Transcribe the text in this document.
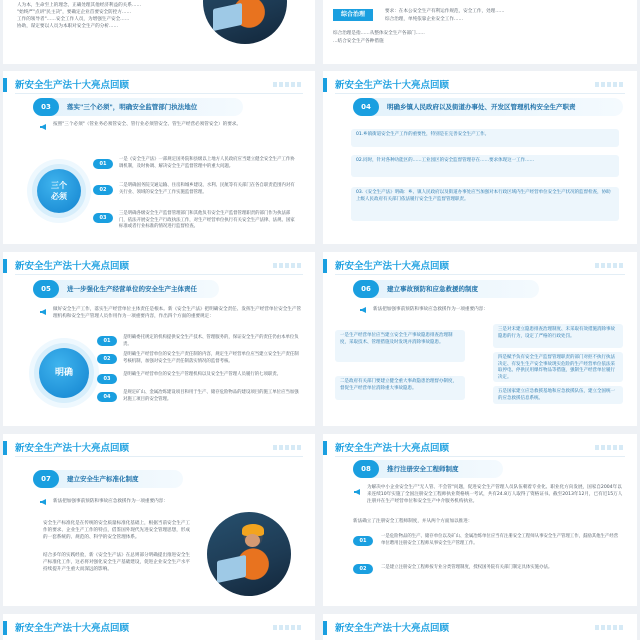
人为本，生命至上的理念，正确处理其他经济利益的关系……
"始终严"点讲"民主决"，要确定企业首要安全防控方……
工作的领导者"……安全工作人员，为增强生产安全……
协助，谋定要以人员为本职对安全生产的分析……
综合治理	要求：在本公安全生产有利运作规范，安全工作，处理……
综合治理，单纯依靠企业安全工作……
综合治理是指……从整体安全生产各部门……
…结合安全生产各种措施
新安全生产法十大亮点回顾
03	落实"三个必须"，明确安全监管部门执法地位
按照"三个必须"（管业务必须管安全、管行业必须管安全、管生产经营必须管安全）的要求。
三个
必须
01
一是《安全生产法》一部规定国务院和县级以上地方人民政府应当建立健全安全生产工作协调机制，及时协调、解决安全生产监督管理中的重大问题。
02
二是明确国务院交通运输、住房和城乡建设、水利、民航等有关部门在各自职责范围内对有关行业、领域的安全生产工作实施监督管理。
03
三是明确各级安全生产监督管理部门和其他负有安全生产监督管理职责的部门作为执法部门，依法开展安全生产行政执法工作，对生产经营单位执行有关安全生产法律、法规、国家标准或者行业标准的情况进行监督检查。
新安全生产法十大亮点回顾
04	明确乡镇人民政府以及街道办事处、开发区管理机构安全生产职责
01.乡镇街道安全生产工作的重要性，特别是在完善安全生产工作。
02.同时，针对各种功能区的……工业园区的安全监督管理存在……要求体现这一工作……
03.《安全生产法》明确：乡、镇人民政府以及街道办事处应当加强对本行政区域内生产经营单位安全生产状况的监督检查，协助上级人民政府有关部门依法履行安全生产监督管理职责。
新安全生产法十大亮点回顾
05	进一步强化生产经营单位的安全生产主体责任
做好安全生产工作，落实生产经营单位主体责任是根本。新《安全生产法》把明确安全责任、发挥生产经营单位安全生产管理机构和安全生产管理人员作用作为一项重要内容，作出四个方面的重要规定：
明确
01
是明确委托规定的机构提供安全生产技术、管理服务的，保证安全生产的责任仍由本单位负责。
02
是明确生产经营单位的安全生产责任制的内容，规定生产经营单位应当建立安全生产责任制考核机制，加强对安全生产责任制落实情况的监督考核。
03
是明确生产经营单位的安全生产管理机构以及安全生产管理人员履行的七项职责。
04
是规定矿山、金属冶炼建设项目和用于生产、储存危险物品的建设项目的施工单位应当加强对施工项目的安全管理。
新安全生产法十大亮点回顾
06	建立事故预防和应急救援的制度
新法把加强事前预防和事故应急救援作为一项重要内容：
一是生产经营单位应当建立安全生产事故隐患排查治理制度，采取技术、管理措施及时发现并消除事故隐患。
二是政府有关部门要建立健全重大事故隐患治理督办制度，督促生产经营单位消除重大事故隐患。
三是对未建立隐患排查治理制度、未采取有效措施消除事故隐患的行为，设定了严格的行政处罚。
四是赋予负有安全生产监督管理职责的部门对拒不执行执法决定、有发生生产安全事故现实危险的生产经营单位依法采取停电、停供民用爆炸物品等措施，强制生产经营单位履行决定。
五是国家建立应急救援基地和应急救援队伍，建立全国统一的应急救援信息系统。
新安全生产法十大亮点回顾
07	建立安全生产标准化制度
新法把加强事前预防和事故应急救援作为一项重要内容：
安全生产标准化是在传统的安全质量标准化基础上，根据当前安全生产工作的要求、企业生产工作的特点，借鉴国外现代先进安全管理思想，形成的一套系统的、规范的、科学的安全管理体系。
结合多年的实践经验，新《安全生产法》在总则部分明确提出推进安全生产标准化工作，这必将对强化安全生产基础建设，促进企业安全生产水平持续提升产生重大而深远的影响。
新安全生产法十大亮点回顾
08	推行注册安全工程师制度
为解决中小企业安全生产"无人管、不会管"问题，促进安全生产管理人员队伍朝着专业化、职业化方向发展，国家自2004年以来连续10年实施了全国注册安全工程师执业资格统一考试，共有24.8万人取得了资格证书。截至2013年12月，已有近15万人注册并在生产经营单位和安全生产中介服务机构执业。
新法确立了注册安全工程师制度，并从两个方面加以推进：
01
一是危险物品的生产、储存单位以及矿山、金属冶炼单位应当有注册安全工程师从事安全生产管理工作，鼓励其他生产经营单位聘用注册安全工程师从事安全生产管理工作。
02	二是建立注册安全工程师按专业分类管理制度，授权国务院有关部门制定具体实施办法。
新安全生产法十大亮点回顾	新安全生产法十大亮点回顾
